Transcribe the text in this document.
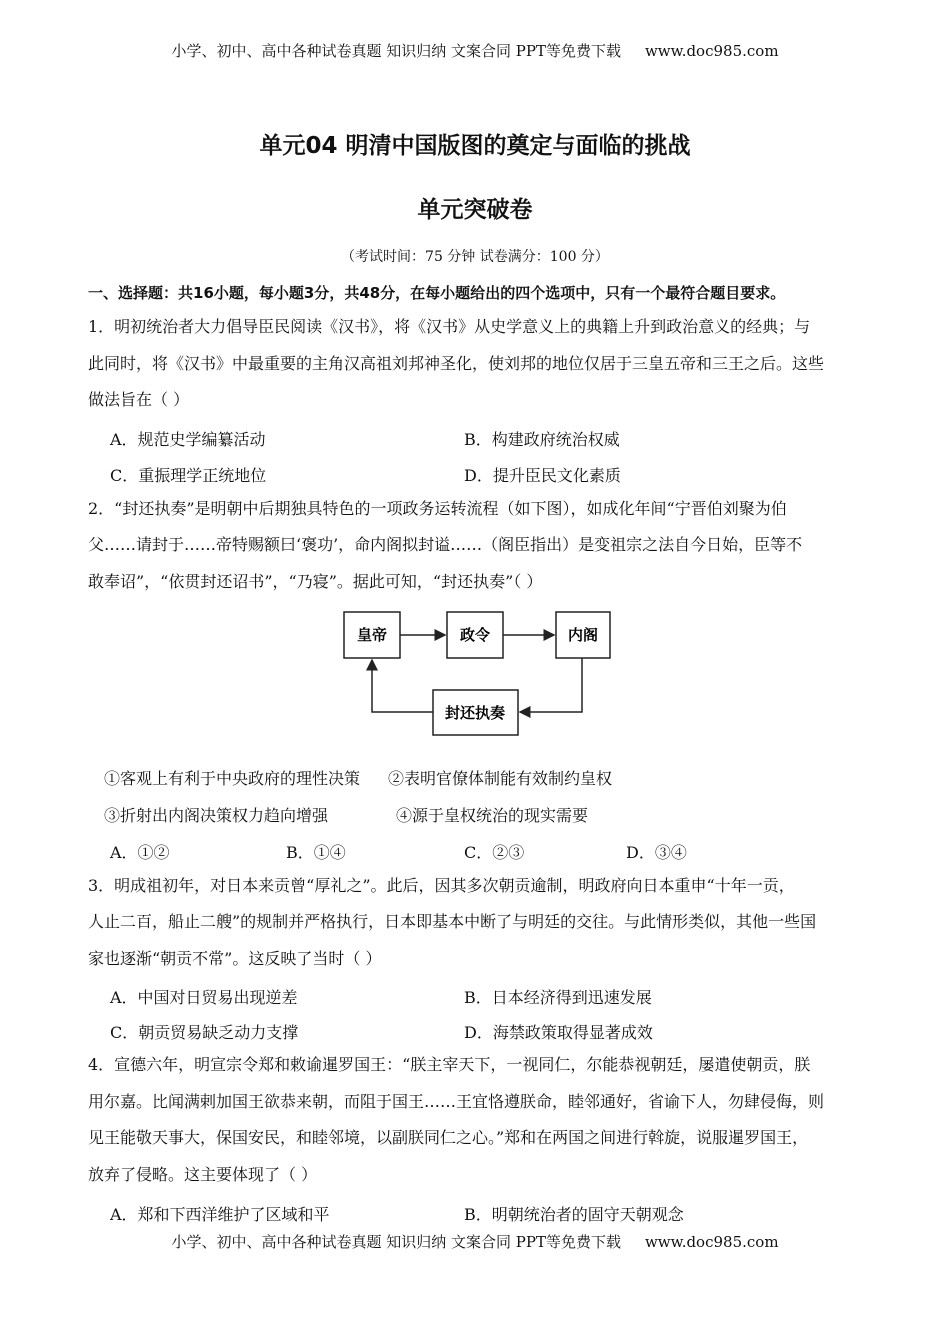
小学、初中、高中各种试卷真题 知识归纳 文案合同 PPT等免费下载 www.doc985.com
单元04 明清中国版图的奠定与面临的挑战
单元突破卷
（考试时间：75 分钟 试卷满分：100 分）
一、选择题：共16小题，每小题3分，共48分，在每小题给出的四个选项中，只有一个最符合题目要求。
1．明初统治者大力倡导臣民阅读《汉书》，将《汉书》从史学意义上的典籍上升到政治意义的经典；与
此同时，将《汉书》中最重要的主角汉高祖刘邦神圣化，使刘邦的地位仅居于三皇五帝和三王之后。这些
做法旨在（ ）
A．规范史学编纂活动	B．构建政府统治权威
C．重振理学正统地位	D．提升臣民文化素质
2．“封还执奏”是明朝中后期独具特色的一项政务运转流程（如下图），如成化年间“宁晋伯刘聚为伯
父……请封于……帝特赐额曰‘褒功’，命内阁拟封谥……（阁臣指出）是变祖宗之法自今日始，臣等不
敢奉诏”，“依贯封还诏书”，“乃寝”。据此可知，“封还执奏”（ ）
皇帝	政令	内阁
封还执奏
①客观上有利于中央政府的理性决策 ②表明官僚体制能有效制约皇权
③折射出内阁决策权力趋向增强	④源于皇权统治的现实需要
A．①②	B．①④	C．②③	D．③④
3．明成祖初年，对日本来贡曾“厚礼之”。此后，因其多次朝贡逾制，明政府向日本重申“十年一贡，
人止二百，船止二艘”的规制并严格执行，日本即基本中断了与明廷的交往。与此情形类似，其他一些国
家也逐渐“朝贡不常”。这反映了当时（ ）
A．中国对日贸易出现逆差	B．日本经济得到迅速发展
C．朝贡贸易缺乏动力支撑	D．海禁政策取得显著成效
4．宣德六年，明宣宗令郑和敕谕暹罗国王：“朕主宰天下，一视同仁，尔能恭视朝廷，屡遣使朝贡，朕
用尔嘉。比闻满剌加国王欲恭来朝，而阻于国王……王宜恪遵朕命，睦邻通好，省谕下人，勿肆侵侮，则
见王能敬天事大，保国安民，和睦邻境，以副朕同仁之心。”郑和在两国之间进行斡旋，说服暹罗国王，
放弃了侵略。这主要体现了（ ）
A．郑和下西洋维护了区域和平	B．明朝统治者的固守天朝观念
小学、初中、高中各种试卷真题 知识归纳 文案合同 PPT等免费下载 www.doc985.com
